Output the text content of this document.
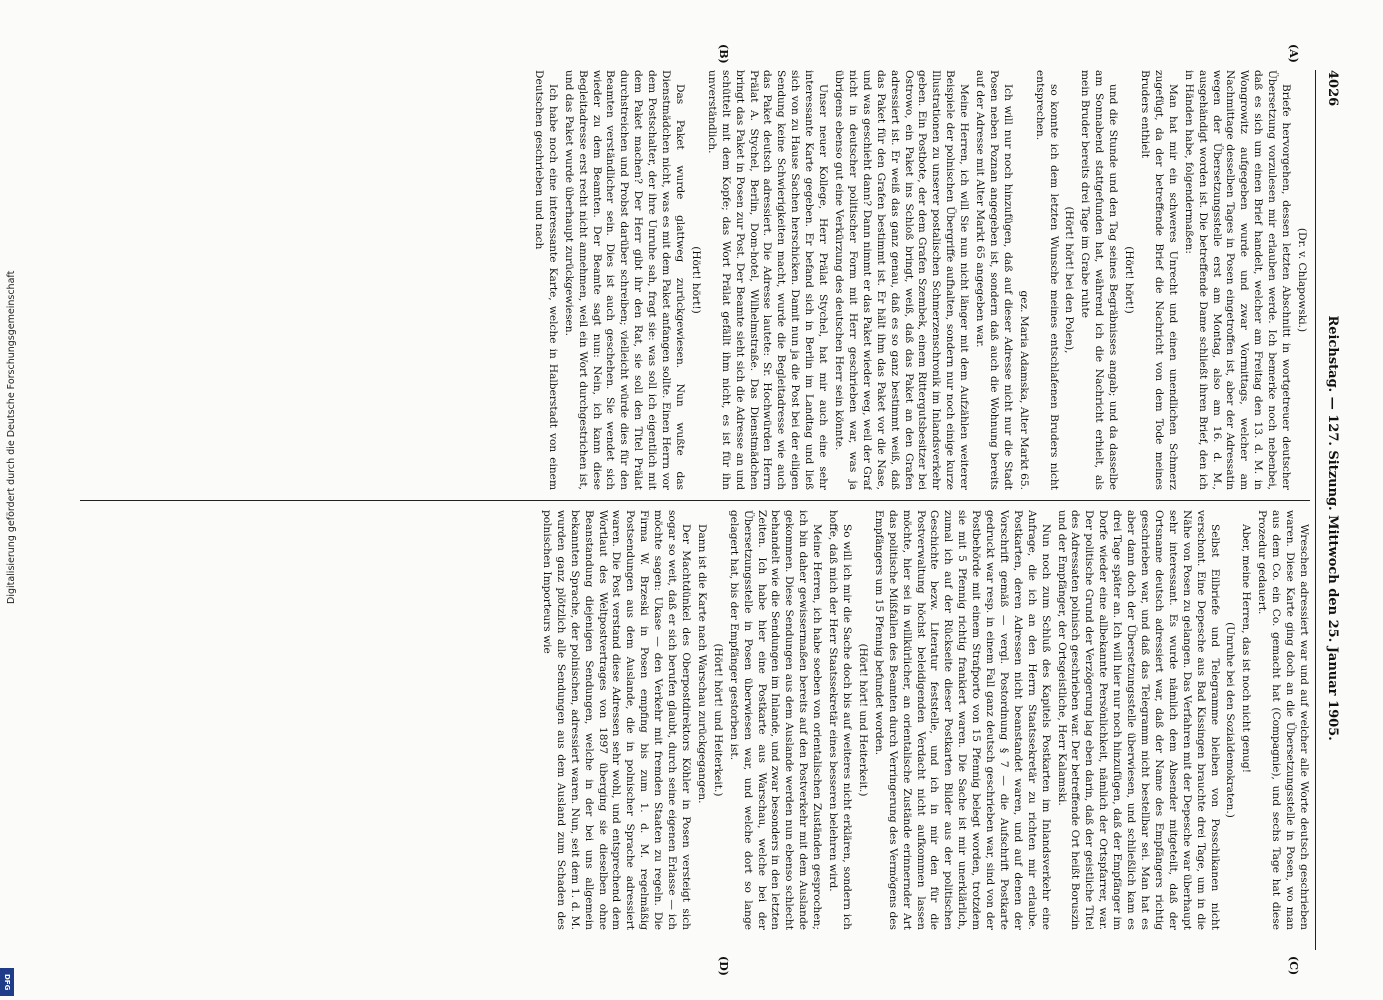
4026
Reichstag. — 127. Sitzung. Mittwoch den 25. Januar 1905.

(Dr. v. Chlapowski.)

Briefe hervorgehen, dessen letzten Abschnitt in wortgetreuer deutscher Übersetzung vorzulesen mir erlauben werde. Ich bemerke noch nebenbei, daß es sich um einen Brief handelt, welcher am Freitag den 13. d. M. in Wongrowitz aufgegeben wurde und zwar Vormittags, welcher am Nachmittage desselben Tages in Posen eingetroffen ist, aber der Adressatin wegen der Übersetzungsstelle erst am Montag, also am 16. d. M., ausgehändigt worden ist. Die betreffende Dame schließt ihren Brief, den ich in Händen habe, folgendermaßen:

Man hat mir ein schweres Unrecht und einen unendlichen Schmerz zugefügt, da der betreffende Brief die Nachricht von dem Tode meines Bruders enthielt

(Hört! hört!)

und die Stunde und den Tag seines Begräbnisses angab; und da dasselbe am Sonnabend stattgefunden hat, während ich die Nachricht erhielt, als mein Bruder bereits drei Tage im Grabe ruhte

(Hört! hört! bei den Polen),

so konnte ich dem letzten Wunsche meines entschlafenen Bruders nicht entsprechen.

gez. Maria Adamska, Alter Markt 65.

Ich will nur noch hinzufügen, daß auf dieser Adresse nicht nur die Stadt Posen neben Poznan angegeben ist, sondern daß auch die Wohnung bereits auf der Adresse mit Alter Markt 65 angegeben war.

Meine Herren, ich will Sie nun nicht länger mit dem Aufzählen weiterer Beispiele der polnischen Übergriffe aufhalten, sondern nur noch einige kurze Illustrationen zu unserer postalischen Schmerzenschronik im Inlandsverkehr geben. Ein Postbote, der dem Grafen Szembek, einem Rittergutsbesitzer bei Ostrowo, ein Paket ins Schloß bringt, weiß, daß das Paket an den Grafen adressiert ist. Er weiß das ganz genau, daß es so ganz bestimmt weiß, daß das Paket für den Grafen bestimmt ist. Er hält ihm das Paket vor die Nase, und was geschieht dann? Dann nimmt er das Paket wieder weg, weil der Graf nicht in deutscher politischer Form mit Herr geschrieben war, was ja übrigens ebenso gut eine Verkürzung des deutschen Herr sein könnte.

Unser neuer Kollege, Herr Prälat Stychel, hat mir auch eine sehr interessante Karte gegeben. Er befand sich in Berlin im Landtag und ließ sich von zu Hause Sachen herschicken. Damit nun ja die Post bei der eiligen Sendung keine Schwierigkeiten macht, wurde die Begleitadresse wie auch das Paket deutsch adressiert. Die Adresse lautete: Sr. Hochwürden Herrn Prälat A. Stychel, Berlin, Dom-hotel, Wilhelmstraße. Das Dienstmädchen bringt das Paket in Posen zur Post. Der Beamte sieht sich die Adresse an und schüttelt mit dem Kopfe; das Wort Prälat gefällt ihm nicht, es ist für ihn unverständlich.

(Hört! hört!)

Das Paket wurde glattweg zurückgewiesen. Nun wußte das Dienstmädchen nicht, was es mit dem Paket anfangen sollte. Einen Herrn vor dem Postschalter, der ihre Unruhe sah, fragt sie: was soll ich eigentlich mit dem Paket machen? Der Herr gibt ihr den Rat, sie soll den Titel Prälat durchstreichen und Probst darüber schreiben; vielleicht würde dies für den Beamten verständlicher sein. Dies ist auch geschehen. Sie wendet sich wieder zu dem Beamten. Der Beamte sagt nun: Nein, ich kann diese Begleitadresse erst recht nicht annehmen, weil ein Wort durchgestrichen ist, und das Paket wurde überhaupt zurückgewiesen.

Ich habe noch eine interessante Karte, welche in Halberstadt von einem Deutschen geschrieben und nach

Wreschen adressiert war und auf welcher alle Worte deutsch geschrieben waren. Diese Karte ging doch an die Übersetzungsstelle in Posen, wo man aus dem Co. ein Co. gemacht hat (Compagnie), und sechs Tage hat diese Prozedur gedauert.

Aber, meine Herren, das ist noch nicht genug!

(Unruhe bei den Sozialdemokraten.)

Selbst Eilbriefe und Telegramme bleiben von Posschikanen nicht verschont. Eine Depesche aus Bad Kissingen brauchte drei Tage, um in die Nähe von Posen zu gelangen. Das Verfahren mit der Depesche war überhaupt sehr interessant. Es wurde nämlich dem Absender mitgeteilt, daß der Ortsname deutsch adressiert war, daß der Name des Empfängers richtig geschrieben war, und daß das Telegramm nicht bestellbar sei. Man hat es aber dann doch der Übersetzungsstelle überwiesen, und schließlich kam es drei Tage später an. Ich will hier nur noch hinzufügen, daß der Empfänger im Dorfe wieder eine allbekannte Persönlichkeit, nämlich der Ortspfarrer, war. Der politische Grund der Verzögerung lag eben darin, daß der geistliche Titel des Adressaten polnisch geschrieben war. Der betreffende Ort heißt Boruszin und der Empfänger, der Ortsgeistliche, Herr Kalamski.

Nun noch zum Schluß des Kapitels Postkarten im Inlandsverkehr eine Anfrage, die ich an den Herrn Staatssekretär zu richten mir erlaube. Postkarten, deren Adressen nicht beanstandet waren, und auf denen der Vorschrift gemäß — vergl. Postordnung § 7 — die Aufschrift Postkarte gedruckt war resp. in einem Fall ganz deutsch geschrieben war, sind von der Postbehörde mit einem Strafporto von 15 Pfennig belegt worden, trotzdem sie mit 5 Pfennig richtig frankiert waren. Die Sache ist mir unerklärlich, zumal ich auf der Rückseite dieser Postkarten Bilder aus der politischen Geschichte bezw. Literatur feststelle, und ich in mir den für die Postverwaltung höchst beleidigenden Verdacht nicht aufkommen lassen möchte, hier sei in willkürlicher, an orientalische Zustände erinnernder Art das politische Mißfallen des Beamten durch Verringerung des Vermögens des Empfängers um 15 Pfennig befundet worden.

(Hört! hört! und Heiterkeit.)

So will ich mir die Sache doch bis auf weiteres nicht erklären, sondern ich hoffe, daß mich der Herr Staatssekretär eines besseren belehren wird.

Meine Herren, ich habe soeben von orientalischen Zuständen gesprochen; ich bin daher gewissermaßen bereits auf den Postverkehr mit dem Auslande gekommen. Diese Sendungen aus dem Auslande werden nun ebenso schlecht behandelt wie die Sendungen im Inlande, und zwar besonders in den letzten Zeiten. Ich habe hier eine Postkarte aus Warschau, welche bei der Übersetzungsstelle in Posen überwiesen war, und welche dort so lange gelagert hat, bis der Empfänger gestorben ist.

(Hört! hört! und Heiterkeit.)

Dann ist die Karte nach Warschau zurückgegangen.

Der Machtdünkel des Oberpostdirektors Köhler in Posen versteigt sich sogar so weit, daß er sich berufen glaubt, durch seine eigenen Erlasse — ich möchte sagen: Ukase — den Verkehr mit fremden Staaten zu regeln. Die Firma W. Brzeski in Posen empfing bis zum 1. d. M. regelmäßig Postsendungen aus dem Auslande, die in polnischer Sprache adressiert waren. Die Post verstand diese Adressen sehr wohl, und entsprechend dem Wortlaut des Weltpostvertrages von 1897 überging sie dieselben ohne Beanstandung diejenigen Sendungen, welche in der bei uns allgemein bekannten Sprache, der polnischen, adressiert waren. Nun, seit dem 1. d. M. wurden ganz plötzlich alle Sendungen aus dem Ausland zum Schaden des polnischen Importeurs wie

(A)
(B)
(C)
(D)
Digitalisierung gefördert durch die Deutsche Forschungsgemeinschaft
DFG
